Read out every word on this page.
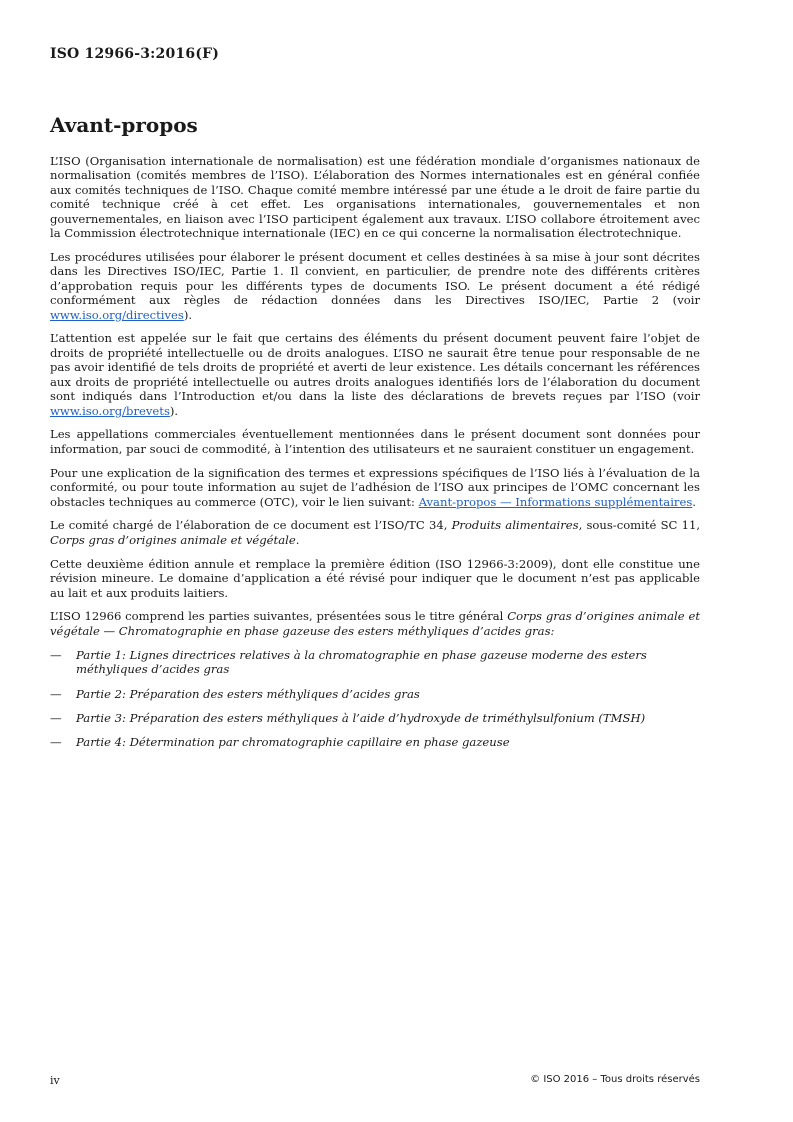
ISO 12966-3:2016(F)
Avant-propos

L’ISO (Organisation internationale de normalisation) est une fédération mondiale d’organismes nationaux de normalisation (comités membres de l’ISO). L’élaboration des Normes internationales est en général confiée aux comités techniques de l’ISO. Chaque comité membre intéressé par une étude a le droit de faire partie du comité technique créé à cet effet. Les organisations internationales, gouvernementales et non gouvernementales, en liaison avec l’ISO participent également aux travaux. L’ISO collabore étroitement avec la Commission électrotechnique internationale (IEC) en ce qui concerne la normalisation électrotechnique.

Les procédures utilisées pour élaborer le présent document et celles destinées à sa mise à jour sont décrites dans les Directives ISO/IEC, Partie 1. Il convient, en particulier, de prendre note des différents critères d’approbation requis pour les différents types de documents ISO. Le présent document a été rédigé conformément aux règles de rédaction données dans les Directives ISO/IEC, Partie 2 (voir www.iso.org/directives).

L’attention est appelée sur le fait que certains des éléments du présent document peuvent faire l’objet de droits de propriété intellectuelle ou de droits analogues. L’ISO ne saurait être tenue pour responsable de ne pas avoir identifié de tels droits de propriété et averti de leur existence. Les détails concernant les références aux droits de propriété intellectuelle ou autres droits analogues identifiés lors de l’élaboration du document sont indiqués dans l’Introduction et/ou dans la liste des déclarations de brevets reçues par l’ISO (voir www.iso.org/brevets).

Les appellations commerciales éventuellement mentionnées dans le présent document sont données pour information, par souci de commodité, à l’intention des utilisateurs et ne sauraient constituer un engagement.

Pour une explication de la signification des termes et expressions spécifiques de l’ISO liés à l’évaluation de la conformité, ou pour toute information au sujet de l’adhésion de l’ISO aux principes de l’OMC concernant les obstacles techniques au commerce (OTC), voir le lien suivant: Avant-propos — Informations supplémentaires.

Le comité chargé de l’élaboration de ce document est l’ISO/TC 34, Produits alimentaires, sous-comité SC 11, Corps gras d’origines animale et végétale.

Cette deuxième édition annule et remplace la première édition (ISO 12966-3:2009), dont elle constitue une révision mineure. Le domaine d’application a été révisé pour indiquer que le document n’est pas applicable au lait et aux produits laitiers.

L’ISO 12966 comprend les parties suivantes, présentées sous le titre général Corps gras d’origines animale et végétale — Chromatographie en phase gazeuse des esters méthyliques d’acides gras:

— Partie 1: Lignes directrices relatives à la chromatographie en phase gazeuse moderne des esters méthyliques d’acides gras
— Partie 2: Préparation des esters méthyliques d’acides gras
— Partie 3: Préparation des esters méthyliques à l’aide d’hydroxyde de triméthylsulfonium (TMSH)
— Partie 4: Détermination par chromatographie capillaire en phase gazeuse
iv	© ISO 2016 – Tous droits réservés
